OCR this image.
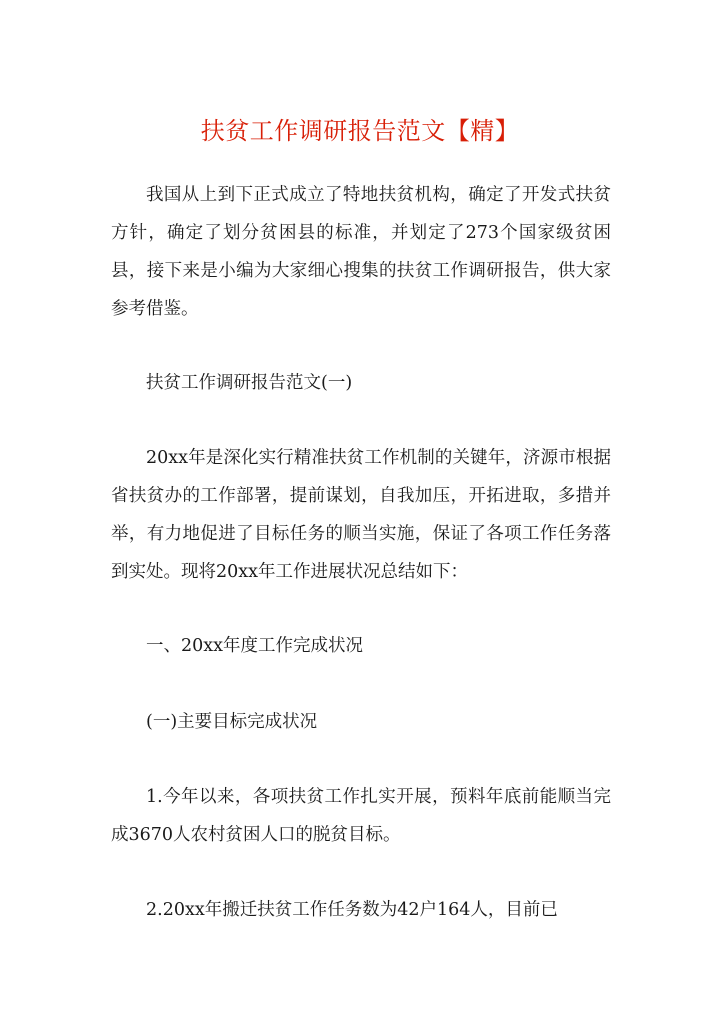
扶贫工作调研报告范文【精】

我国从上到下正式成立了特地扶贫机构，确定了开发式扶贫方针，确定了划分贫困县的标准，并划定了273个国家级贫困县，接下来是小编为大家细心搜集的扶贫工作调研报告，供大家参考借鉴。

扶贫工作调研报告范文(一)

20xx年是深化实行精准扶贫工作机制的关键年，济源市根据省扶贫办的工作部署，提前谋划，自我加压，开拓进取，多措并举，有力地促进了目标任务的顺当实施，保证了各项工作任务落到实处。现将20xx年工作进展状况总结如下：

一、20xx年度工作完成状况

(一)主要目标完成状况

1.今年以来，各项扶贫工作扎实开展，预料年底前能顺当完成3670人农村贫困人口的脱贫目标。

2.20xx年搬迁扶贫工作任务数为42户164人，目前已
